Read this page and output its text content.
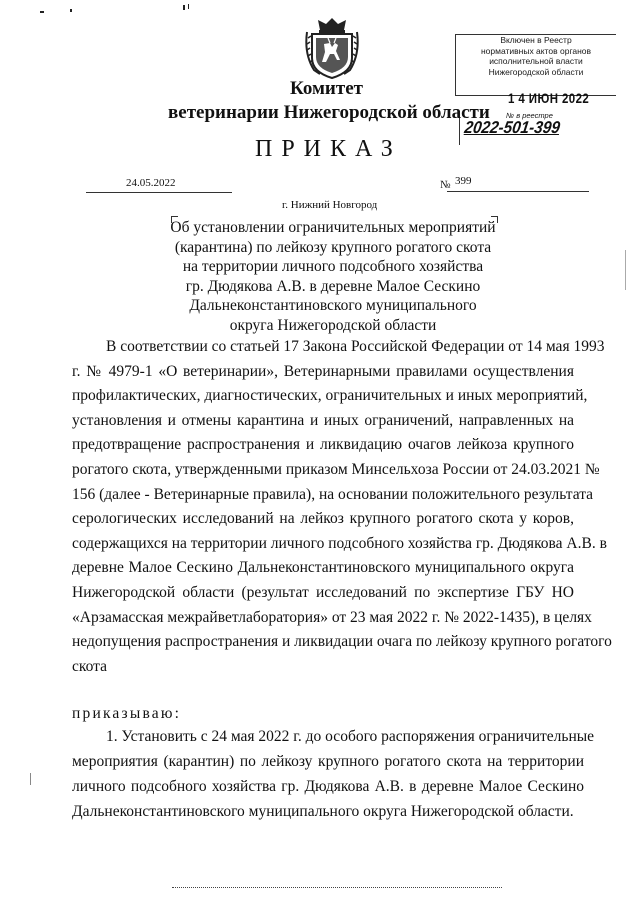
Включен в Реестр
нормативных актов органов
исполнительной власти
Нижегородской области
1 4 ИЮН 2022
№ в реестре
2022-501-399
Комитет
ветеринарии Нижегородской области
ПРИКАЗ
24.05.2022	№ 399
г. Нижний Новгород
Об установлении ограничительных мероприятий
(карантина) по лейкозу крупного рогатого скота
на территории личного подсобного хозяйства
гр. Дюдякова А.В. в деревне Малое Сескино
Дальнеконстантиновского муниципального
округа Нижегородской области
В соответствии со статьей 17 Закона Российской Федерации от 14 мая 1993
г. № 4979-1 «О ветеринарии», Ветеринарными правилами осуществления
профилактических, диагностических, ограничительных и иных мероприятий,
установления и отмены карантина и иных ограничений, направленных на
предотвращение распространения и ликвидацию очагов лейкоза крупного
рогатого скота, утвержденными приказом Минсельхоза России от 24.03.2021 №
156 (далее - Ветеринарные правила), на основании положительного результата
серологических исследований на лейкоз крупного рогатого скота у коров,
содержащихся на территории личного подсобного хозяйства гр. Дюдякова А.В. в
деревне Малое Сескино Дальнеконстантиновского муниципального округа
Нижегородской области (результат исследований по экспертизе ГБУ НО
«Арзамасская межрайветлаборатория» от 23 мая 2022 г. № 2022-1435), в целях
недопущения распространения и ликвидации очага по лейкозу крупного рогатого
скота
приказываю:
1. Установить с 24 мая 2022 г. до особого распоряжения ограничительные
мероприятия (карантин) по лейкозу крупного рогатого скота на территории
личного подсобного хозяйства гр. Дюдякова А.В. в деревне Малое Сескино
Дальнеконстантиновского муниципального округа Нижегородской области.
